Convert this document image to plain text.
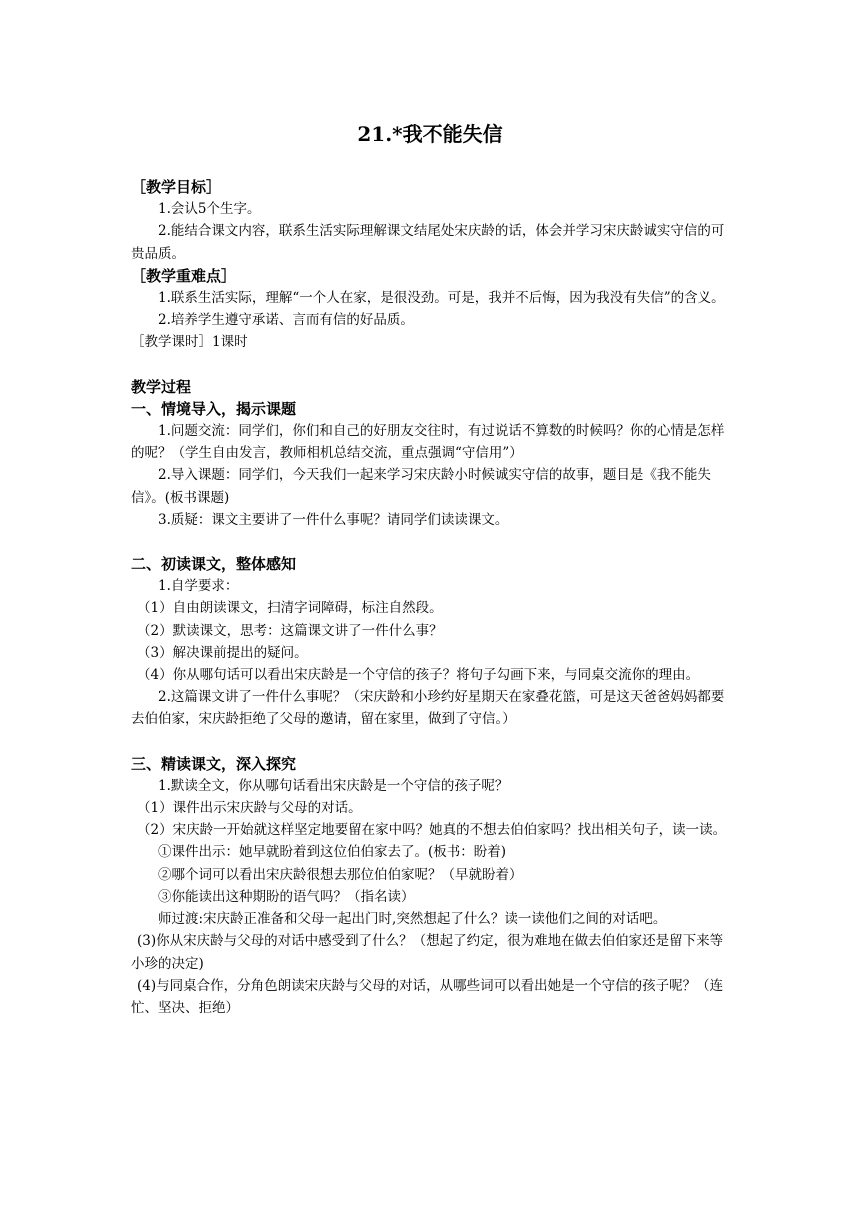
21.*我不能失信

［教学目标］

1.会认5个生字。

2.能结合课文内容，联系生活实际理解课文结尾处宋庆龄的话，体会并学习宋庆龄诚实守信的可贵品质。

［教学重难点］

1.联系生活实际，理解“一个人在家，是很没劲。可是，我并不后悔，因为我没有失信”的含义。

2.培养学生遵守承诺、言而有信的好品质。

［教学课时］1课时

教学过程

一、情境导入，揭示课题

1.问题交流：同学们，你们和自己的好朋友交往时，有过说话不算数的时候吗？你的心情是怎样的呢？（学生自由发言，教师相机总结交流，重点强调“守信用”）

2.导入课题：同学们，今天我们一起来学习宋庆龄小时候诚实守信的故事，题目是《我不能失信》。(板书课题)

3.质疑：课文主要讲了一件什么事呢？请同学们读读课文。

二、初读课文，整体感知

1.自学要求：

（1）自由朗读课文，扫清字词障碍，标注自然段。

（2）默读课文，思考：这篇课文讲了一件什么事？

（3）解决课前提出的疑问。

（4）你从哪句话可以看出宋庆龄是一个守信的孩子？将句子勾画下来，与同桌交流你的理由。

2.这篇课文讲了一件什么事呢？（宋庆龄和小珍约好星期天在家叠花篮，可是这天爸爸妈妈都要去伯伯家，宋庆龄拒绝了父母的邀请，留在家里，做到了守信。）

三、精读课文，深入探究

1.默读全文，你从哪句话看出宋庆龄是一个守信的孩子呢？

（1）课件出示宋庆龄与父母的对话。

（2）宋庆龄一开始就这样坚定地要留在家中吗？她真的不想去伯伯家吗？找出相关句子，读一读。

①课件出示：她早就盼着到这位伯伯家去了。(板书：盼着)

②哪个词可以看出宋庆龄很想去那位伯伯家呢？（早就盼着）

③你能读出这种期盼的语气吗？（指名读）

师过渡:宋庆龄正准备和父母一起出门时,突然想起了什么？读一读他们之间的对话吧。

(3)你从宋庆龄与父母的对话中感受到了什么？（想起了约定，很为难地在做去伯伯家还是留下来等小珍的决定)

(4)与同桌合作，分角色朗读宋庆龄与父母的对话，从哪些词可以看出她是一个守信的孩子呢？（连忙、坚决、拒绝）
